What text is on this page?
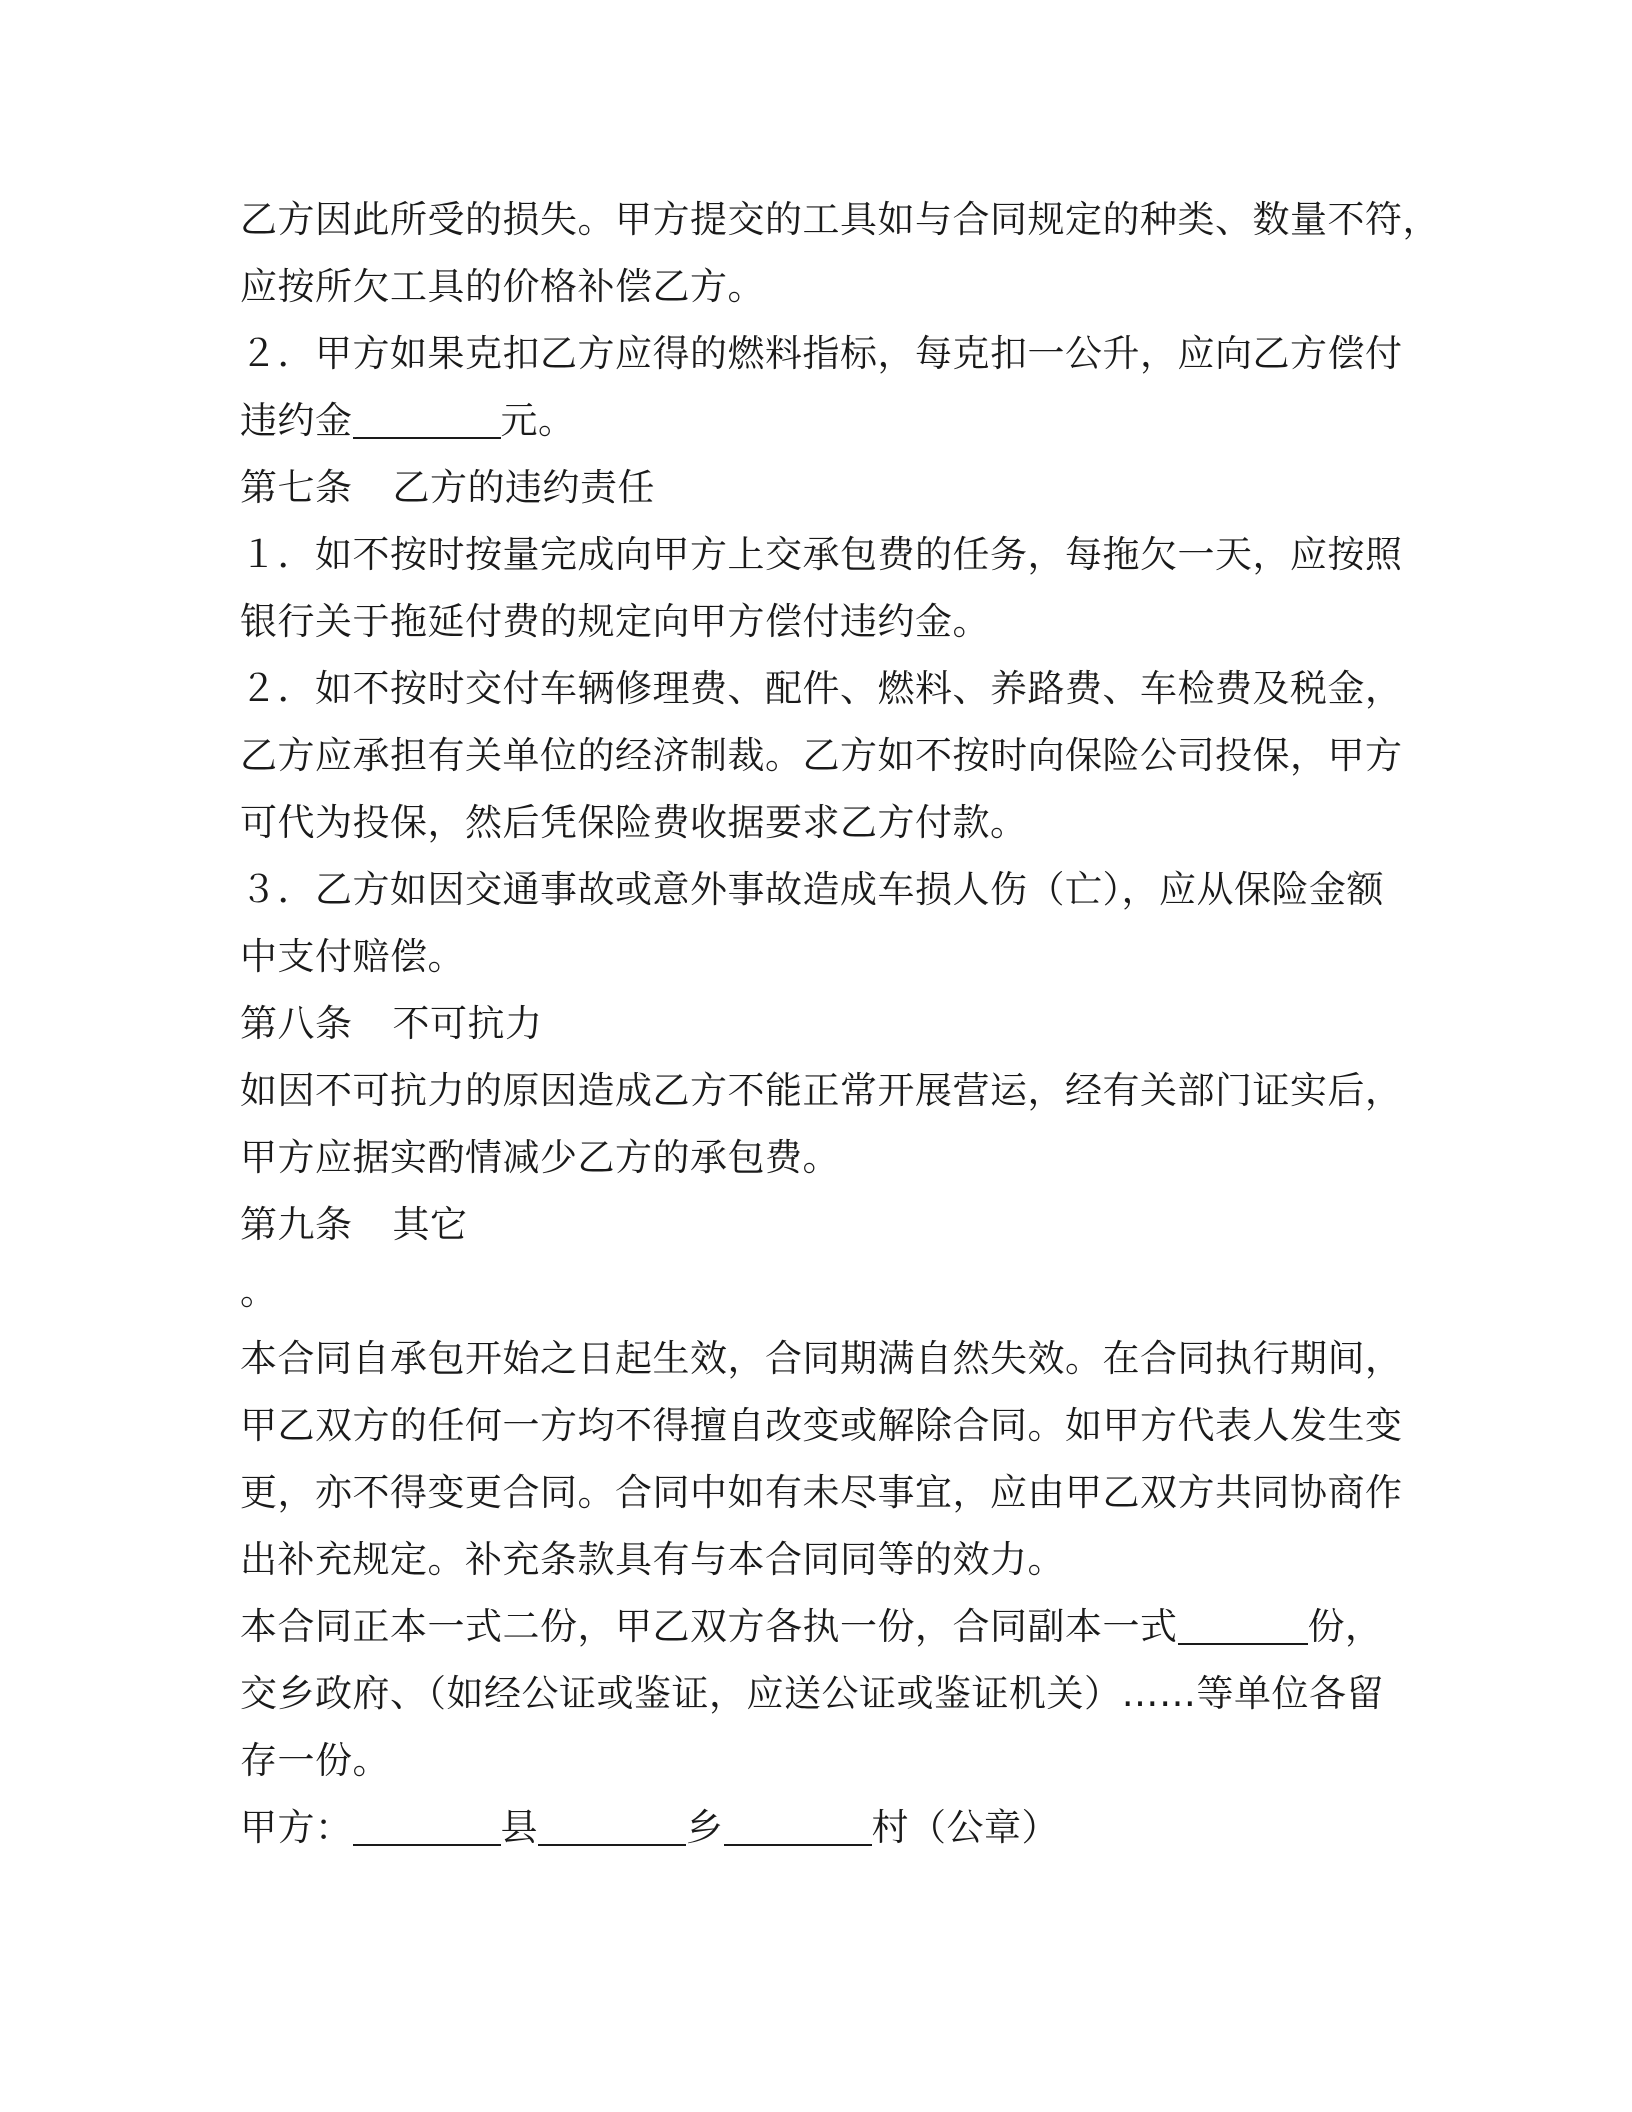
乙方因此所受的损失。甲方提交的工具如与合同规定的种类、数量不符，
应按所欠工具的价格补偿乙方。
２．甲方如果克扣乙方应得的燃料指标，每克扣一公升，应向乙方偿付
违约金	元。
第七条 乙方的违约责任
１．如不按时按量完成向甲方上交承包费的任务，每拖欠一天，应按照
银行关于拖延付费的规定向甲方偿付违约金。
２．如不按时交付车辆修理费、配件、燃料、养路费、车检费及税金，
乙方应承担有关单位的经济制裁。乙方如不按时向保险公司投保，甲方
可代为投保，然后凭保险费收据要求乙方付款。
３．乙方如因交通事故或意外事故造成车损人伤（亡），应从保险金额
中支付赔偿。
第八条 不可抗力
如因不可抗力的原因造成乙方不能正常开展营运，经有关部门证实后，
甲方应据实酌情减少乙方的承包费。
第九条 其它
。
本合同自承包开始之日起生效，合同期满自然失效。在合同执行期间，
甲乙双方的任何一方均不得擅自改变或解除合同。如甲方代表人发生变
更，亦不得变更合同。合同中如有未尽事宜，应由甲乙双方共同协商作
出补充规定。补充条款具有与本合同同等的效力。
本合同正本一式二份，甲乙双方各执一份，合同副本一式	份，
交乡政府、（如经公证或鉴证，应送公证或鉴证机关）……等单位各留
存一份。
甲方：	县	乡	村（公章）
